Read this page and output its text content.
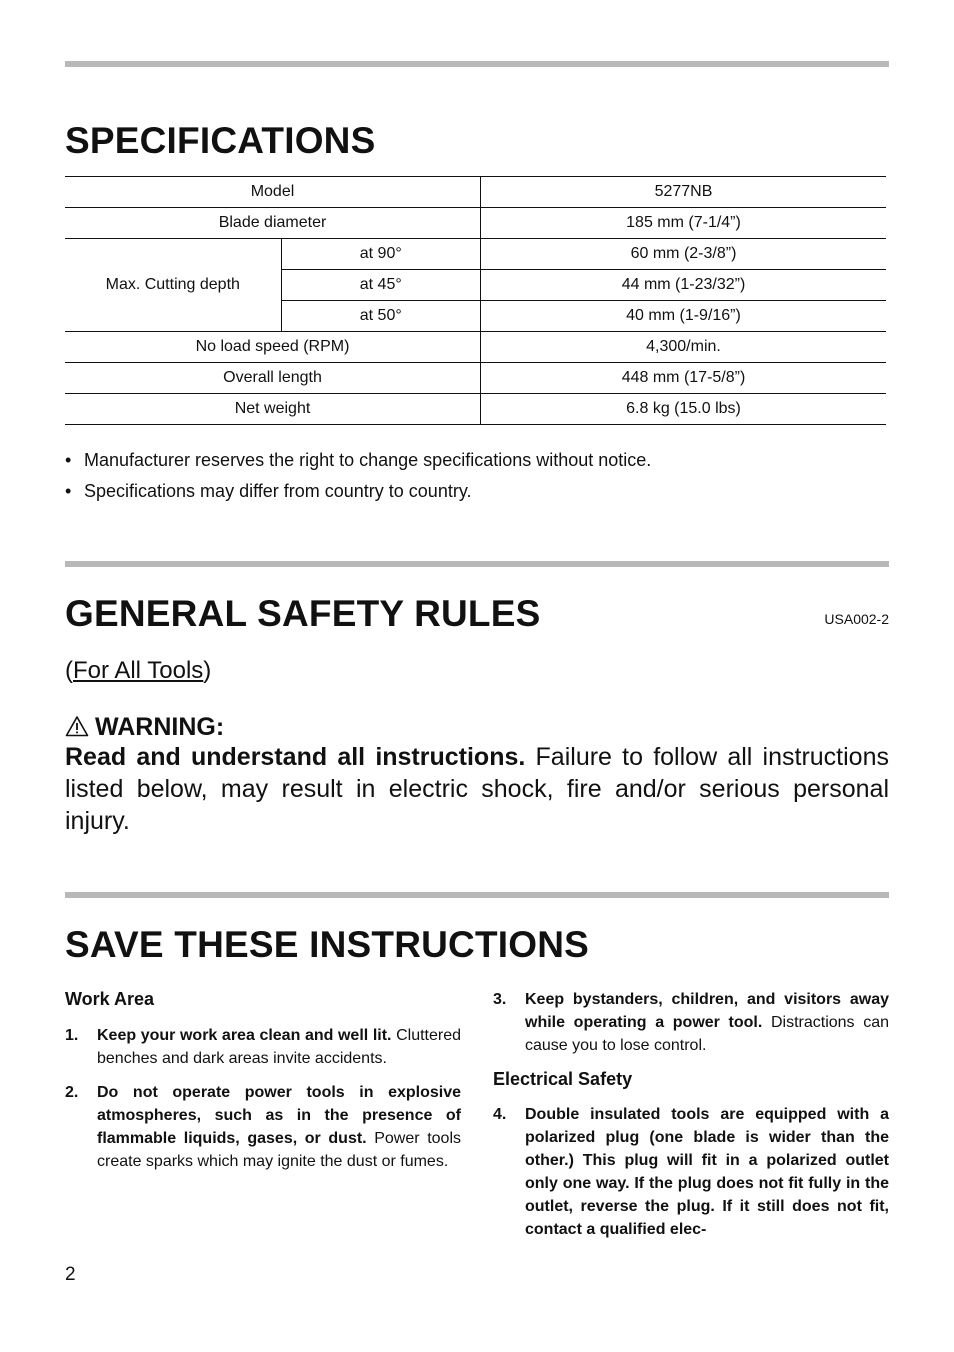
SPECIFICATIONS
Model		5277NB
Blade diameter		185 mm (7-1/4”)
Max. Cutting depth	at 90°	60 mm (2-3/8”)
	at 45°	44 mm (1-23/32”)
	at 50°	40 mm (1-9/16”)
No load speed (RPM)		4,300/min.
Overall length		448 mm (17-5/8”)
Net weight		6.8 kg (15.0 lbs)
• Manufacturer reserves the right to change specifications without notice.
• Specifications may differ from country to country.
GENERAL SAFETY RULES	USA002-2
(For All Tools)
WARNING:
Read and understand all instructions. Failure to follow all instructions listed below, may result in electric shock, fire and/or serious personal injury.
SAVE THESE INSTRUCTIONS
Work Area
1.	Keep your work area clean and well lit. Cluttered benches and dark areas invite accidents.
2.	Do not operate power tools in explosive atmospheres, such as in the presence of flammable liquids, gases, or dust. Power tools create sparks which may ignite the dust or fumes.
3.	Keep bystanders, children, and visitors away while operating a power tool. Distractions can cause you to lose control.
Electrical Safety
4.	Double insulated tools are equipped with a polarized plug (one blade is wider than the other.) This plug will fit in a polarized outlet only one way. If the plug does not fit fully in the outlet, reverse the plug. If it still does not fit, contact a qualified elec-
2
